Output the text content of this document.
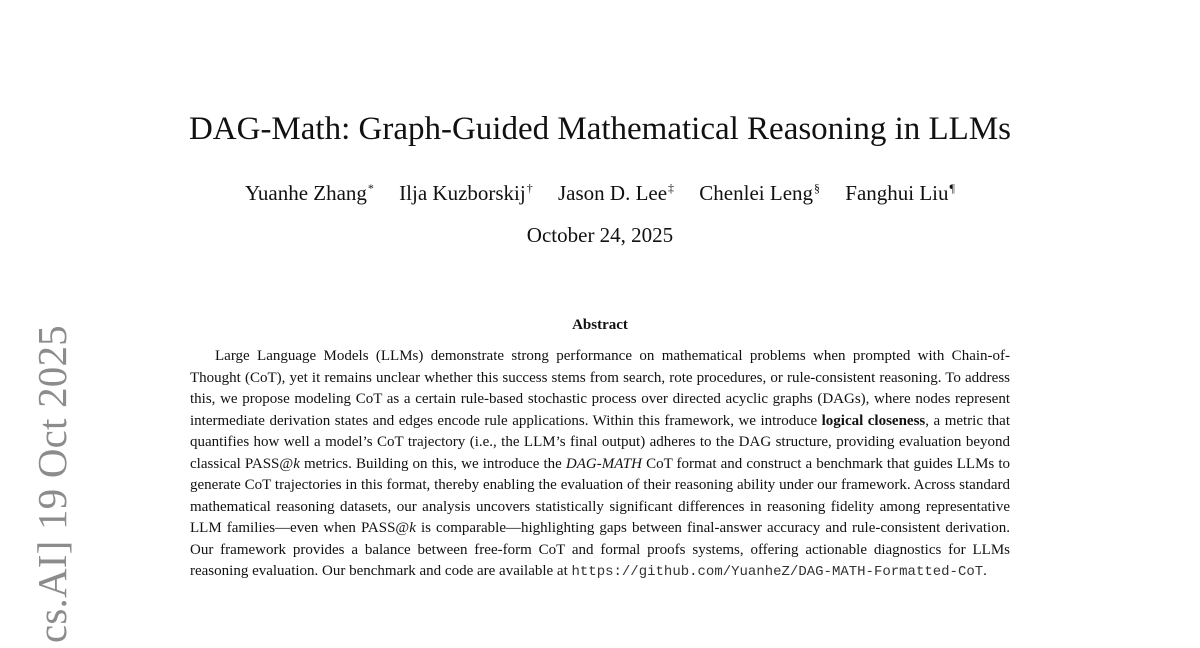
cs.AI] 19 Oct 2025
DAG-Math: Graph-Guided Mathematical Reasoning in LLMs
Yuanhe Zhang* Ilja Kuzborskij† Jason D. Lee‡ Chenlei Leng§ Fanghui Liu¶
October 24, 2025
Abstract

Large Language Models (LLMs) demonstrate strong performance on mathematical problems when prompted with Chain-of-Thought (CoT), yet it remains unclear whether this success stems from search, rote procedures, or rule-consistent reasoning. To address this, we propose modeling CoT as a certain rule-based stochastic process over directed acyclic graphs (DAGs), where nodes represent intermediate derivation states and edges encode rule applications. Within this framework, we introduce logical closeness, a metric that quantifies how well a model’s CoT trajectory (i.e., the LLM’s final output) adheres to the DAG structure, providing evaluation beyond classical PASS@k metrics. Building on this, we introduce the DAG-MATH CoT format and construct a benchmark that guides LLMs to generate CoT trajectories in this format, thereby enabling the evaluation of their reasoning ability under our framework. Across standard mathematical reasoning datasets, our analysis uncovers statistically significant differences in reasoning fidelity among representative LLM families—even when PASS@k is comparable—highlighting gaps between final-answer accuracy and rule-consistent derivation. Our framework provides a balance between free-form CoT and formal proofs systems, offering actionable diagnostics for LLMs reasoning evaluation. Our benchmark and code are available at https://github.com/YuanheZ/DAG-MATH-Formatted-CoT.
